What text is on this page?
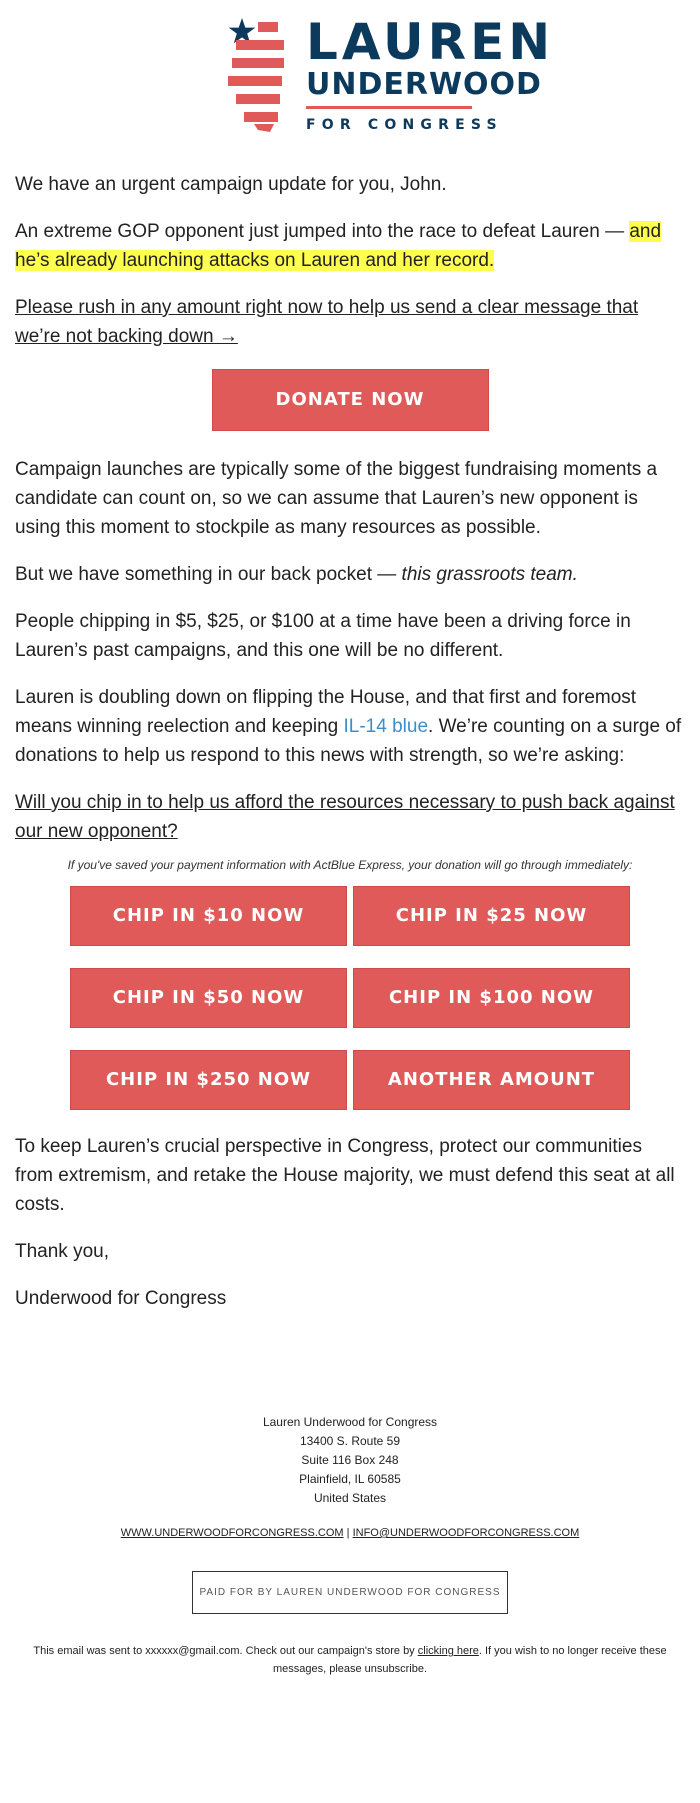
LAUREN
UNDERWOOD
FOR CONGRESS

We have an urgent campaign update for you, John.

An extreme GOP opponent just jumped into the race to defeat Lauren — and he’s already launching attacks on Lauren and her record.

Please rush in any amount right now to help us send a clear message that we’re not backing down →

DONATE NOW

Campaign launches are typically some of the biggest fundraising moments a candidate can count on, so we can assume that Lauren’s new opponent is using this moment to stockpile as many resources as possible.

But we have something in our back pocket — this grassroots team.

People chipping in $5, $25, or $100 at a time have been a driving force in Lauren’s past campaigns, and this one will be no different.

Lauren is doubling down on flipping the House, and that first and foremost means winning reelection and keeping IL-14 blue. We’re counting on a surge of donations to help us respond to this news with strength, so we’re asking:

Will you chip in to help us afford the resources necessary to push back against our new opponent?

If you've saved your payment information with ActBlue Express, your donation will go through immediately:
CHIP IN $10 NOW	CHIP IN $25 NOW
CHIP IN $50 NOW	CHIP IN $100 NOW
CHIP IN $250 NOW	ANOTHER AMOUNT

To keep Lauren’s crucial perspective in Congress, protect our communities from extremism, and retake the House majority, we must defend this seat at all costs.

Thank you,

Underwood for Congress

Lauren Underwood for Congress
13400 S. Route 59
Suite 116 Box 248
Plainfield, IL 60585
United States
WWW.UNDERWOODFORCONGRESS.COM | INFO@UNDERWOODFORCONGRESS.COM
PAID FOR BY LAUREN UNDERWOOD FOR CONGRESS
This email was sent to xxxxxx@gmail.com. Check out our campaign's store by clicking here. If you wish to no longer receive these messages, please unsubscribe.
